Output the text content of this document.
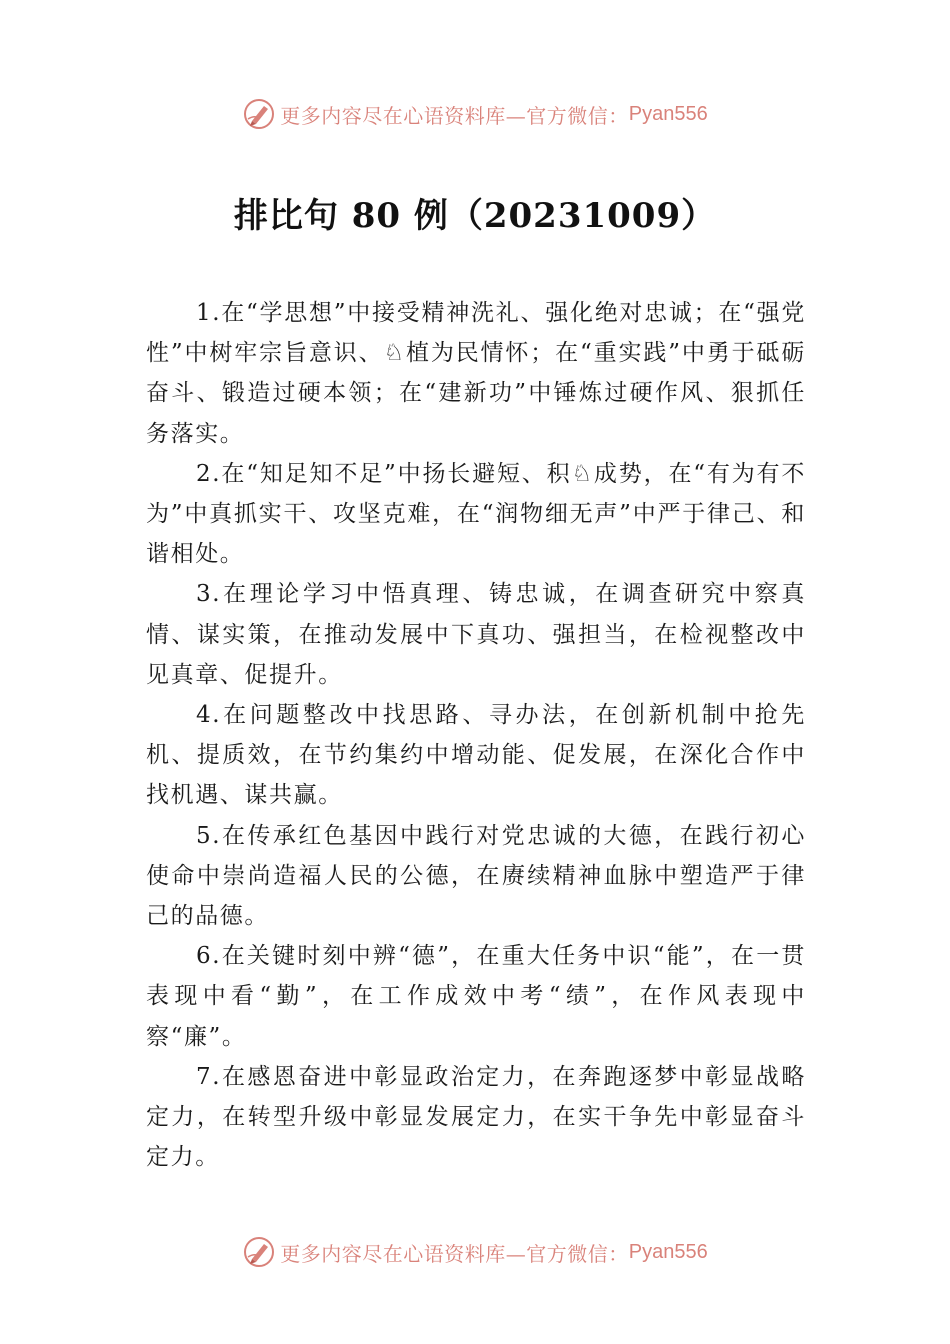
更多内容尽在心语资料库—官方微信： Pyan556
排比句 80 例（20231009）

1.在“学思想”中接受精神洗礼、强化绝对忠诚；在“强党性”中树牢宗旨意识、♘植为民情怀；在“重实践”中勇于砥砺奋斗、锻造过硬本领；在“建新功”中锤炼过硬作风、狠抓任务落实。

2.在“知足知不足”中扬长避短、积♘成势，在“有为有不为”中真抓实干、攻坚克难，在“润物细无声”中严于律己、和谐相处。

3.在理论学习中悟真理、铸忠诚，在调查研究中察真情、谋实策，在推动发展中下真功、强担当，在检视整改中见真章、促提升。

4.在问题整改中找思路、寻办法，在创新机制中抢先机、提质效，在节约集约中增动能、促发展，在深化合作中找机遇、谋共赢。

5.在传承红色基因中践行对党忠诚的大德，在践行初心使命中崇尚造福人民的公德，在赓续精神血脉中塑造严于律己的品德。

6.在关键时刻中辨“德”，在重大任务中识“能”，在一贯表现中看“勤”，在工作成效中考“绩”，在作风表现中察“廉”。

7.在感恩奋进中彰显政治定力，在奔跑逐梦中彰显战略定力，在转型升级中彰显发展定力，在实干争先中彰显奋斗定力。

更多内容尽在心语资料库—官方微信： Pyan556
